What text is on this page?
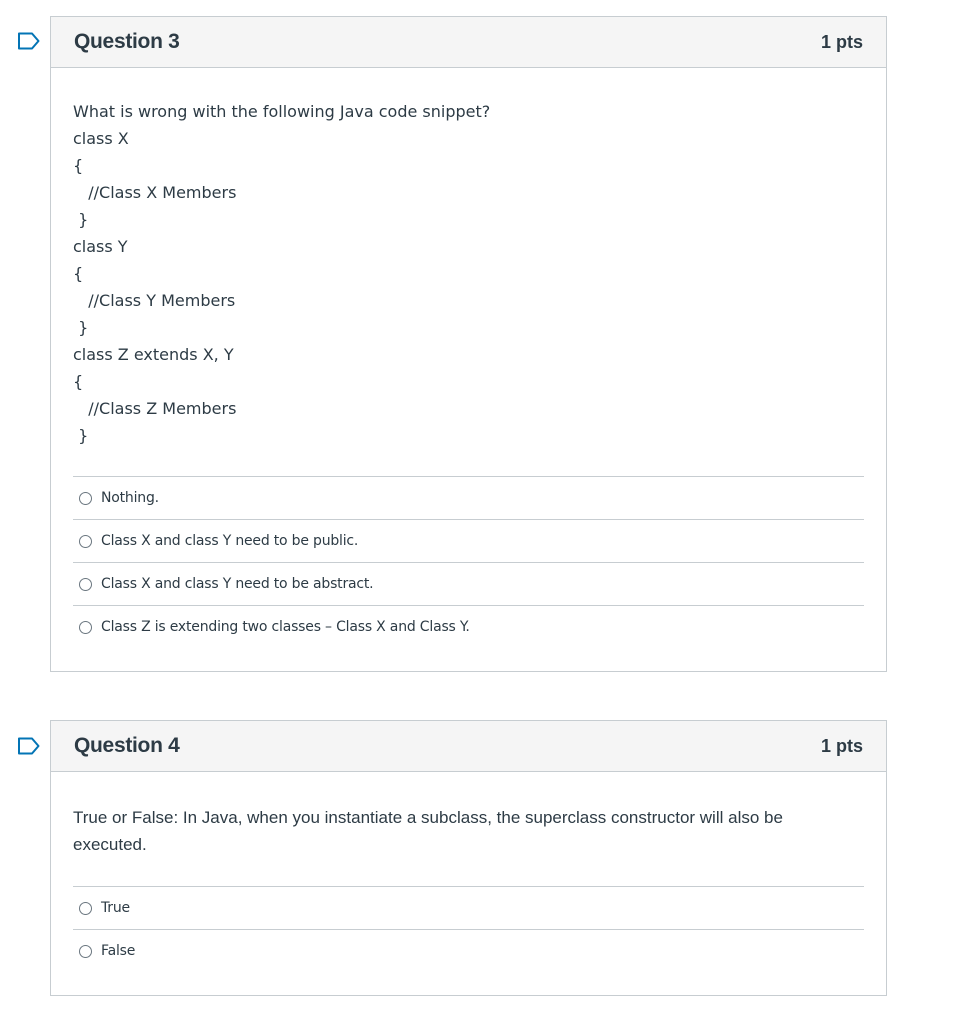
Question 3	1 pts

What is wrong with the following Java code snippet?

class X

{

//Class X Members

}

class Y

{

//Class Y Members

}

class Z extends X, Y

{

//Class Z Members

}

Nothing.
Class X and class Y need to be public.
Class X and class Y need to be abstract.
Class Z is extending two classes – Class X and Class Y.
Question 4	1 pts

True or False: In Java, when you instantiate a subclass, the superclass constructor will also be executed.

True
False
